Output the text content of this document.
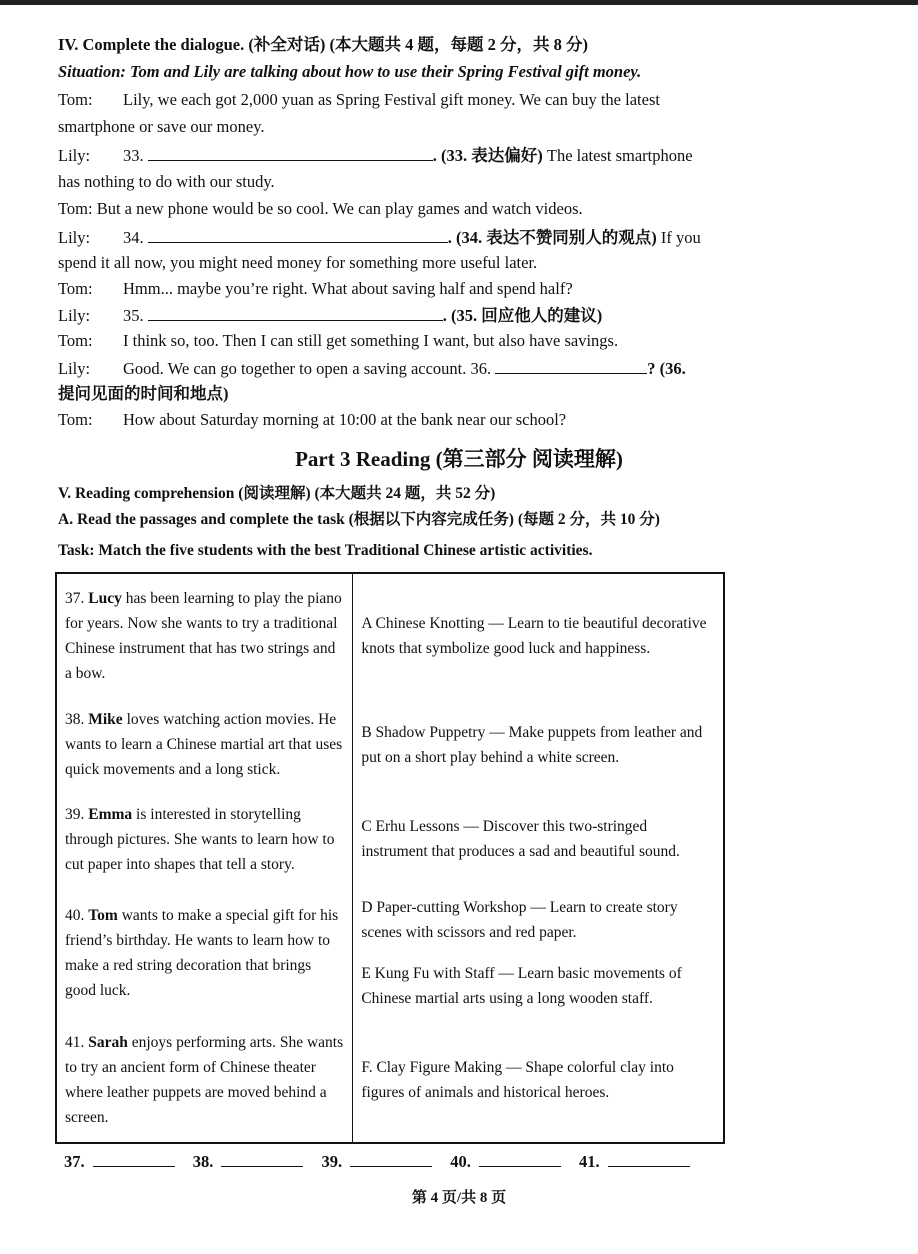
IV. Complete the dialogue. (补全对话) (本大题共 4 题，每题 2 分，共 8 分)
Situation: Tom and Lily are talking about how to use their Spring Festival gift money.
Tom: Lily, we each got 2,000 yuan as Spring Festival gift money. We can buy the latest
smartphone or save our money.
Lily: 33.	. (33. 表达偏好) The latest smartphone
has nothing to do with our study.
Tom: But a new phone would be so cool. We can play games and watch videos.
Lily: 34.	. (34. 表达不赞同别人的观点) If you
spend it all now, you might need money for something more useful later.
Tom: Hmm... maybe you’re right. What about saving half and spend half?
Lily: 35.	. (35. 回应他人的建议)
Tom: I think so, too. Then I can still get something I want, but also have savings.
Lily: Good. We can go together to open a saving account. 36.	? (36.
提问见面的时间和地点)
Tom: How about Saturday morning at 10:00 at the bank near our school?
Part 3 Reading (第三部分 阅读理解)
V. Reading comprehension (阅读理解) (本大题共 24 题，共 52 分)
A. Read the passages and complete the task (根据以下内容完成任务) (每题 2 分，共 10 分)
Task: Match the five students with the best Traditional Chinese artistic activities.
37. Lucy has been learning to play the piano for years. Now she wants to try a traditional Chinese instrument that has two strings and a bow.	A Chinese Knotting — Learn to tie beautiful decorative knots that symbolize good luck and happiness.
38. Mike loves watching action movies. He wants to learn a Chinese martial art that uses quick movements and a long stick.	B Shadow Puppetry — Make puppets from leather and put on a short play behind a white screen.
39. Emma is interested in storytelling through pictures. She wants to learn how to cut paper into shapes that tell a story.	C Erhu Lessons — Discover this two-stringed instrument that produces a sad and beautiful sound.
40. Tom wants to make a special gift for his friend’s birthday. He wants to learn how to make a red string decoration that brings good luck.	D Paper-cutting Workshop — Learn to create story scenes with scissors and red paper.
	E Kung Fu with Staff — Learn basic movements of Chinese martial arts using a long wooden staff.
41. Sarah enjoys performing arts. She wants to try an ancient form of Chinese theater where leather puppets are moved behind a screen.	F. Clay Figure Making — Shape colorful clay into figures of animals and historical heroes.
37.	38.	39.	40.	41.
第 4 页/共 8 页
